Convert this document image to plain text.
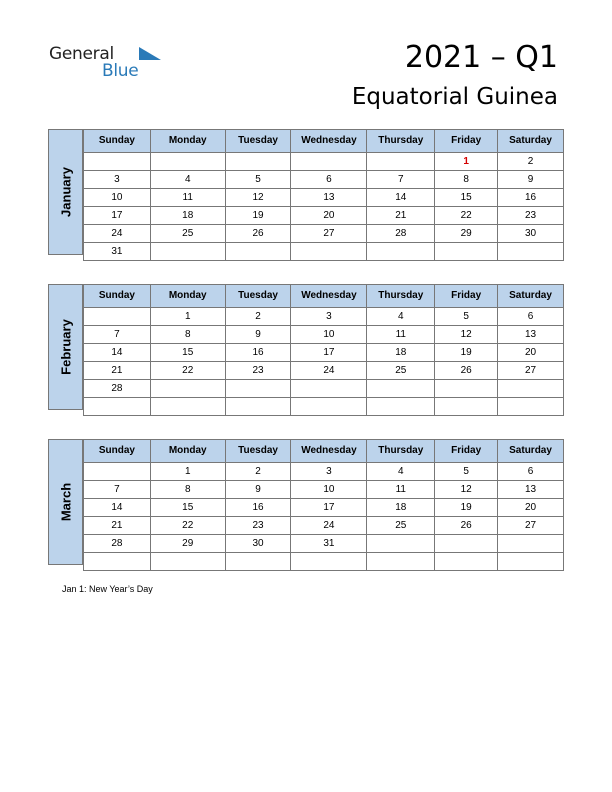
General
Blue	2021 – Q1
Equatorial Guinea
January
Sunday	Monday	Tuesday	Wednesday	Thursday	Friday	Saturday
					1	2
3	4	5	6	7	8	9
10	11	12	13	14	15	16
17	18	19	20	21	22	23
24	25	26	27	28	29	30
31						
February
Sunday	Monday	Tuesday	Wednesday	Thursday	Friday	Saturday
	1	2	3	4	5	6
7	8	9	10	11	12	13
14	15	16	17	18	19	20
21	22	23	24	25	26	27
28						

March
Sunday	Monday	Tuesday	Wednesday	Thursday	Friday	Saturday
	1	2	3	4	5	6
7	8	9	10	11	12	13
14	15	16	17	18	19	20
21	22	23	24	25	26	27
28	29	30	31			

Jan 1: New Year’s Day
